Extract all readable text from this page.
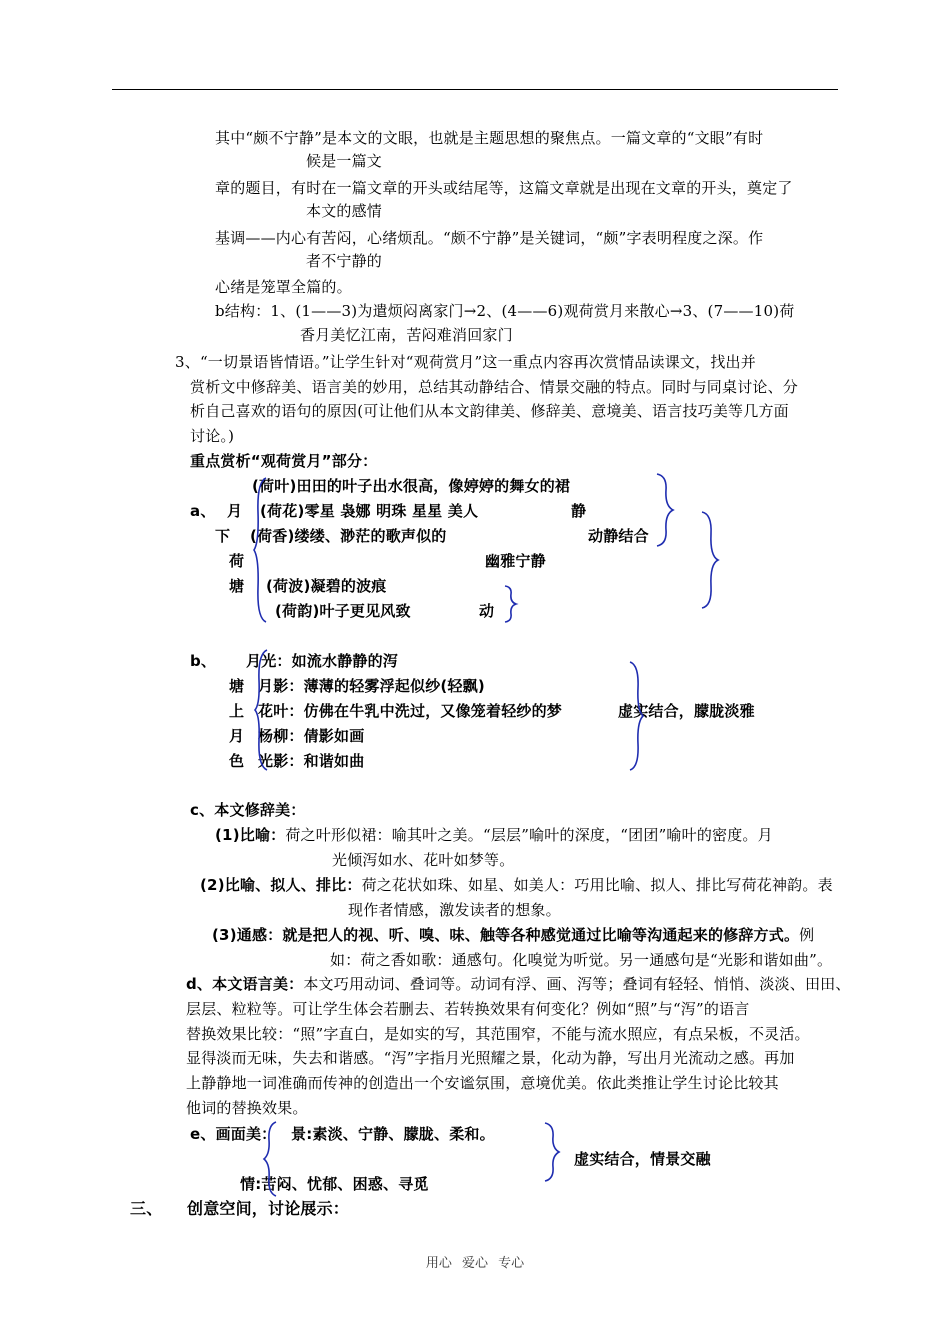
其中“颇不宁静”是本文的文眼，也就是主题思想的聚焦点。一篇文章的“文眼”有时
候是一篇文
章的题目，有时在一篇文章的开头或结尾等，这篇文章就是出现在文章的开头，奠定了
本文的感情
基调——内心有苦闷，心绪烦乱。“颇不宁静”是关键词，“颇”字表明程度之深。作
者不宁静的
心绪是笼罩全篇的。
b结构：1、(1——3)为遣烦闷离家门→2、(4——6)观荷赏月来散心→3、(7——10)荷
香月美忆江南，苦闷难消回家门
3、“一切景语皆情语。”让学生针对“观荷赏月”这一重点内容再次赏情品读课文，找出并
赏析文中修辞美、语言美的妙用，总结其动静结合、情景交融的特点。同时与同桌讨论、分
析自己喜欢的语句的原因(可让他们从本文韵律美、修辞美、意境美、语言技巧美等几方面
讨论。)
重点赏析“观荷赏月”部分：
(荷叶)田田的叶子出水很高，像婷婷的舞女的裙
a、 月 (荷花)零星 袅娜 明珠 星星 美人	静
下 (荷香)缕缕、渺茫的歌声似的	动静结合
荷	幽雅宁静
塘 (荷波)凝碧的波痕
(荷韵)叶子更见风致	动
b、 月光：如流水静静的泻
塘 月影：薄薄的轻雾浮起似纱(轻飘)
上 花叶：仿佛在牛乳中洗过，又像笼着轻纱的梦	虚实结合，朦胧淡雅
月 杨柳：倩影如画
色 光影：和谐如曲
c、本文修辞美：
(1)比喻：荷之叶形似裙：喻其叶之美。“层层”喻叶的深度，“团团”喻叶的密度。月
光倾泻如水、花叶如梦等。
(2)比喻、拟人、排比：荷之花状如珠、如星、如美人：巧用比喻、拟人、排比写荷花神韵。表
现作者情感，激发读者的想象。
(3)通感：就是把人的视、听、嗅、味、触等各种感觉通过比喻等沟通起来的修辞方式。例
如：荷之香如歌：通感句。化嗅觉为听觉。另一通感句是“光影和谐如曲”。
d、本文语言美：本文巧用动词、叠词等。动词有浮、画、泻等；叠词有轻轻、悄悄、淡淡、田田、
层层、粒粒等。可让学生体会若删去、若转换效果有何变化？例如“照”与“泻”的语言
替换效果比较：“照”字直白，是如实的写，其范围窄，不能与流水照应，有点呆板，不灵活。
显得淡而无味，失去和谐感。“泻”字指月光照耀之景，化动为静，写出月光流动之感。再加
上静静地一词准确而传神的创造出一个安谧氛围，意境优美。依此类推让学生讨论比较其
他词的替换效果。
e、画面美： 景:素淡、宁静、朦胧、柔和。
虚实结合，情景交融
情:苦闷、忧郁、困惑、寻觅
三、 创意空间，讨论展示：
用心 爱心 专心
